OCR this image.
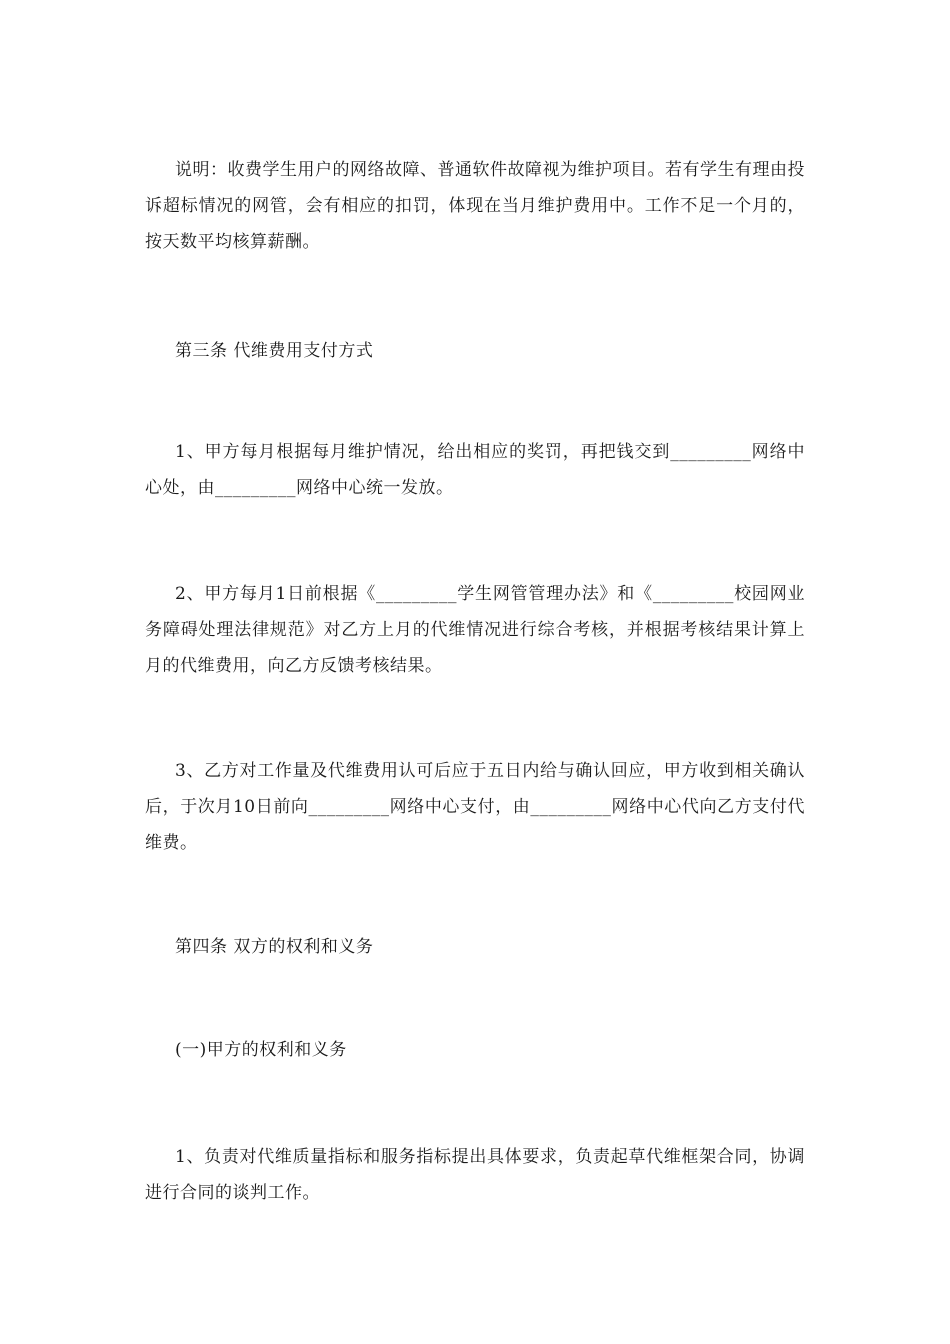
说明：收费学生用户的网络故障、普通软件故障视为维护项目。若有学生有理由投诉超标情况的网管，会有相应的扣罚，体现在当月维护费用中。工作不足一个月的，按天数平均核算薪酬。

第三条 代维费用支付方式

1、甲方每月根据每月维护情况，给出相应的奖罚，再把钱交到_________网络中心处，由_________网络中心统一发放。

2、甲方每月1日前根据《_________学生网管管理办法》和《_________校园网业务障碍处理法律规范》对乙方上月的代维情况进行综合考核，并根据考核结果计算上月的代维费用，向乙方反馈考核结果。

3、乙方对工作量及代维费用认可后应于五日内给与确认回应，甲方收到相关确认后，于次月10日前向_________网络中心支付，由_________网络中心代向乙方支付代维费。

第四条 双方的权利和义务

(一)甲方的权利和义务

1、负责对代维质量指标和服务指标提出具体要求，负责起草代维框架合同，协调进行合同的谈判工作。
